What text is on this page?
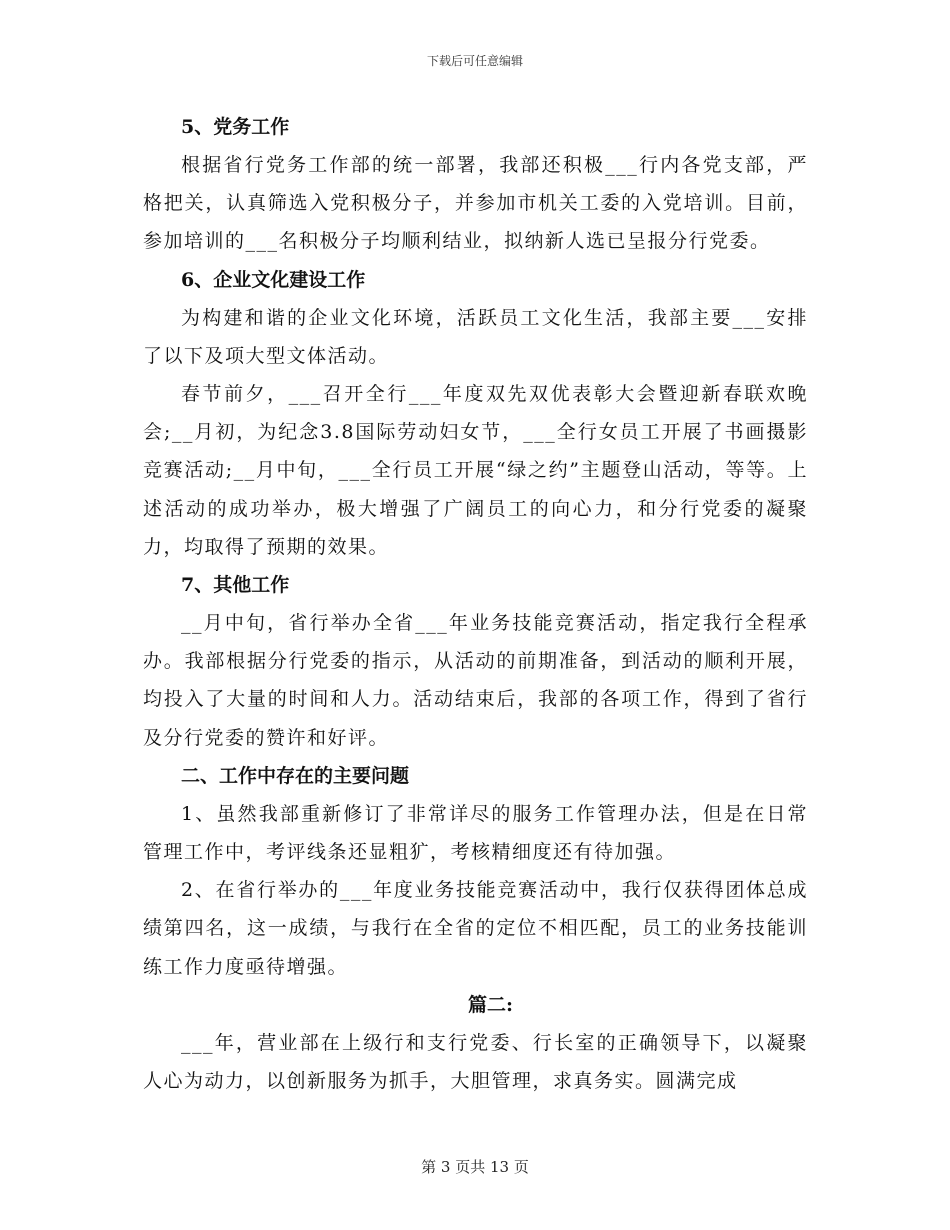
下载后可任意编辑
5、党务工作

根据省行党务工作部的统一部署，我部还积极___行内各党支部，严格把关，认真筛选入党积极分子，并参加市机关工委的入党培训。目前，参加培训的___名积极分子均顺利结业，拟纳新人选已呈报分行党委。

6、企业文化建设工作

为构建和谐的企业文化环境，活跃员工文化生活，我部主要___安排了以下及项大型文体活动。

春节前夕，___召开全行___年度双先双优表彰大会暨迎新春联欢晚会;__月初，为纪念3.8国际劳动妇女节，___全行女员工开展了书画摄影竞赛活动;__月中旬，___全行员工开展“绿之约”主题登山活动，等等。上述活动的成功举办，极大增强了广阔员工的向心力，和分行党委的凝聚力，均取得了预期的效果。

7、其他工作

__月中旬，省行举办全省___年业务技能竞赛活动，指定我行全程承办。我部根据分行党委的指示，从活动的前期准备，到活动的顺利开展，均投入了大量的时间和人力。活动结束后，我部的各项工作，得到了省行及分行党委的赞许和好评。

二、工作中存在的主要问题

1、虽然我部重新修订了非常详尽的服务工作管理办法，但是在日常管理工作中，考评线条还显粗犷，考核精细度还有待加强。

2、在省行举办的___年度业务技能竞赛活动中，我行仅获得团体总成绩第四名，这一成绩，与我行在全省的定位不相匹配，员工的业务技能训练工作力度亟待增强。

篇二:

___年，营业部在上级行和支行党委、行长室的正确领导下，以凝聚人心为动力，以创新服务为抓手，大胆管理，求真务实。圆满完成

第 3 页共 13 页
